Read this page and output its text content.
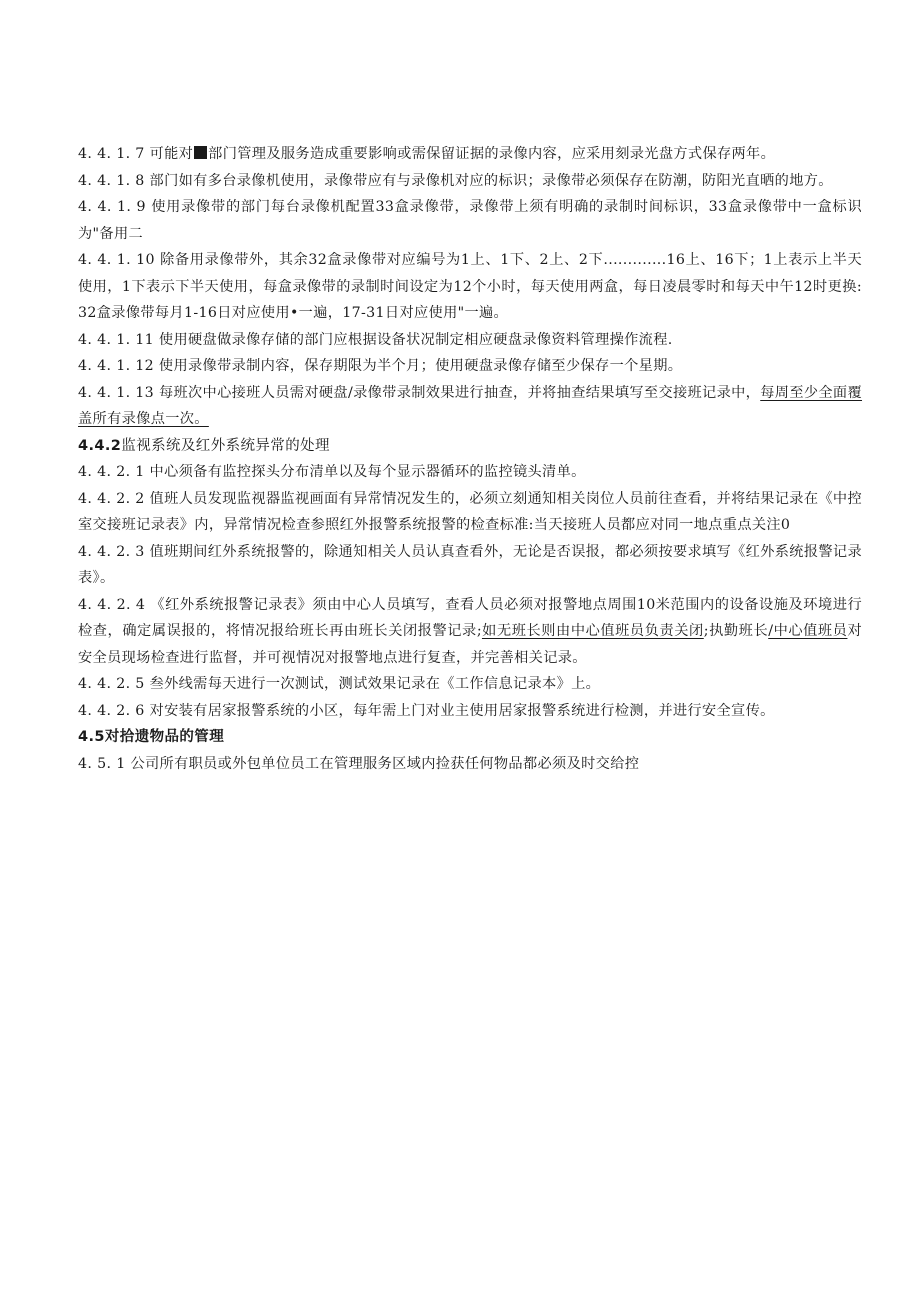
4. 4. 1. 7 可能对 部门管理及服务造成重要影响或需保留证据的录像内容，应采用刻录光盘方式保存两年。

4. 4. 1. 8 部门如有多台录像机使用，录像带应有与录像机对应的标识；录像带必须保存在防潮，防阳光直晒的地方。

4. 4. 1. 9 使用录像带的部门每台录像机配置33盒录像带，录像带上须有明确的录制时间标识，33盒录像带中一盒标识为"备用二

4. 4. 1. 10 除备用录像带外，其余32盒录像带对应编号为1上、1下、2上、2下.............16上、16下；1上表示上半天使用，1下表示下半天使用，每盒录像带的录制时间设定为12个小时，每天使用两盒，每日凌晨零时和每天中午12时更换:32盒录像带每月1-16日对应使用•一遍，17-31日对应使用"一遍。

4. 4. 1. 11 使用硬盘做录像存储的部门应根据设备状况制定相应硬盘录像资料管理操作流程.

4. 4. 1. 12 使用录像带录制内容，保存期限为半个月；使用硬盘录像存储至少保存一个星期。

4. 4. 1. 13 每班次中心接班人员需对硬盘/录像带录制效果进行抽查，并将抽查结果填写至交接班记录中，每周至少全面覆盖所有录像点一次。

4.4.2监视系统及红外系统异常的处理

4. 4. 2. 1 中心须备有监控探头分布清单以及每个显示器循环的监控镜头清单。

4. 4. 2. 2 值班人员发现监视器监视画面有异常情况发生的，必须立刻通知相关岗位人员前往查看，并将结果记录在《中控室交接班记录表》内，异常情况检查参照红外报警系统报警的检查标准:当天接班人员都应对同一地点重点关注0

4. 4. 2. 3 值班期间红外系统报警的，除通知相关人员认真查看外，无论是否误报，都必须按要求填写《红外系统报警记录表》。

4. 4. 2. 4 《红外系统报警记录表》须由中心人员填写，查看人员必须对报警地点周围10米范围内的设备设施及环境进行检查，确定属误报的，将情况报给班长再由班长关闭报警记录;如无班长则由中心值班员负责关闭;执勤班长/中心值班员对安全员现场检查进行监督，并可视情况对报警地点进行复查，并完善相关记录。

4. 4. 2. 5 叁外线需每天进行一次测试，测试效果记录在《工作信息记录本》上。

4. 4. 2. 6 对安装有居家报警系统的小区，每年需上门对业主使用居家报警系统进行检测，并进行安全宣传。

4.5对拾遗物品的管理

4. 5. 1 公司所有职员或外包单位员工在管理服务区域内捡获任何物品都必须及时交给控
